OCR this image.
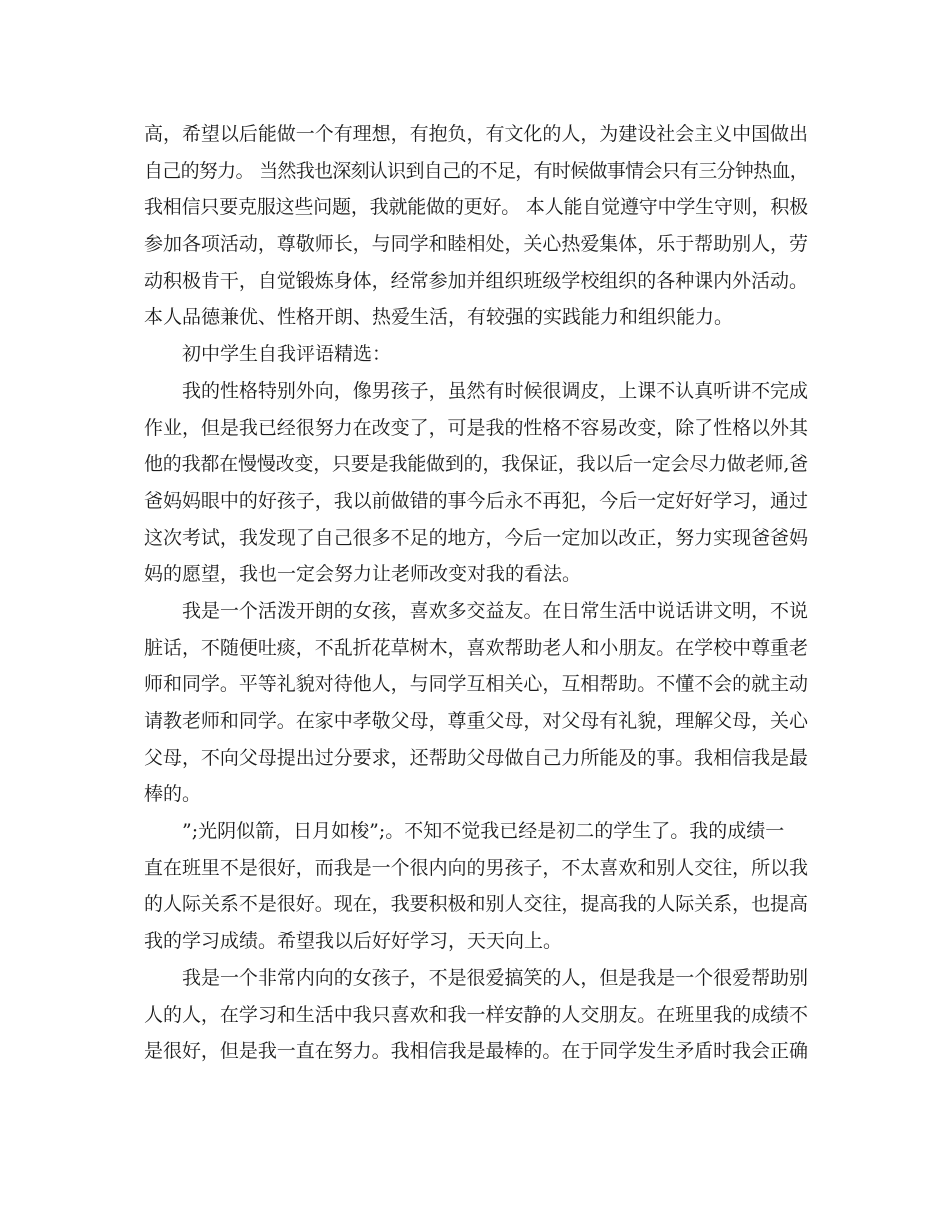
高，希望以后能做一个有理想，有抱负，有文化的人，为建设社会主义中国做出
自己的努力。 当然我也深刻认识到自己的不足，有时候做事情会只有三分钟热血，
我相信只要克服这些问题，我就能做的更好。 本人能自觉遵守中学生守则，积极
参加各项活动，尊敬师长，与同学和睦相处，关心热爱集体，乐于帮助别人，劳
动积极肯干，自觉锻炼身体，经常参加并组织班级学校组织的各种课内外活动。
本人品德兼优、性格开朗、热爱生活，有较强的实践能力和组织能力。
初中学生自我评语精选：
我的性格特别外向，像男孩子，虽然有时候很调皮，上课不认真听讲不完成
作业，但是我已经很努力在改变了，可是我的性格不容易改变，除了性格以外其
他的我都在慢慢改变，只要是我能做到的，我保证，我以后一定会尽力做老师,爸
爸妈妈眼中的好孩子，我以前做错的事今后永不再犯，今后一定好好学习，通过
这次考试，我发现了自己很多不足的地方，今后一定加以改正，努力实现爸爸妈
妈的愿望，我也一定会努力让老师改变对我的看法。
我是一个活泼开朗的女孩，喜欢多交益友。在日常生活中说话讲文明，不说
脏话，不随便吐痰，不乱折花草树木，喜欢帮助老人和小朋友。在学校中尊重老
师和同学。平等礼貌对待他人，与同学互相关心，互相帮助。不懂不会的就主动
请教老师和同学。在家中孝敬父母，尊重父母，对父母有礼貌，理解父母，关心
父母，不向父母提出过分要求，还帮助父母做自己力所能及的事。我相信我是最
棒的。
”;光阴似箭，日月如梭”;。不知不觉我已经是初二的学生了。我的成绩一
直在班里不是很好，而我是一个很内向的男孩子，不太喜欢和别人交往，所以我
的人际关系不是很好。现在，我要积极和别人交往，提高我的人际关系，也提高
我的学习成绩。希望我以后好好学习，天天向上。
我是一个非常内向的女孩子，不是很爱搞笑的人，但是我是一个很爱帮助别
人的人，在学习和生活中我只喜欢和我一样安静的人交朋友。在班里我的成绩不
是很好，但是我一直在努力。我相信我是最棒的。在于同学发生矛盾时我会正确
